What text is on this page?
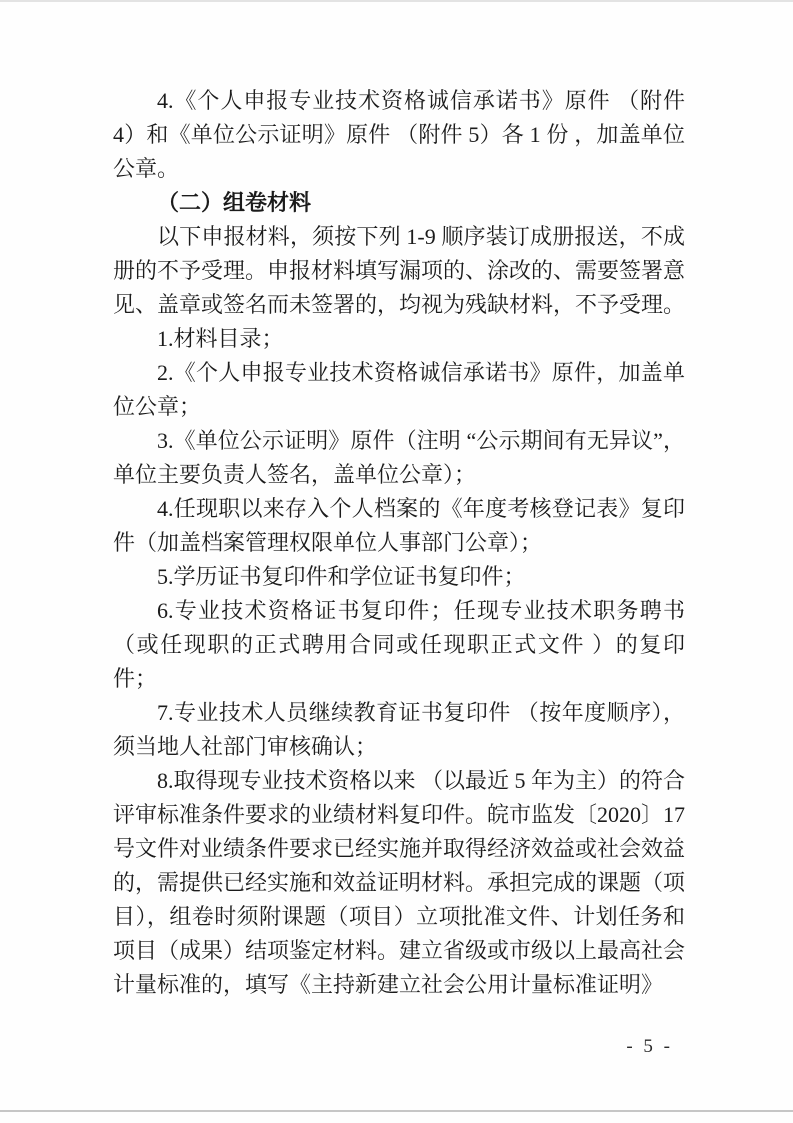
4.《个人申报专业技术资格诚信承诺书》原件 （附件 4）和《单位公示证明》原件 （附件 5）各 1 份 ，加盖单位公章。

（二）组卷材料

以下申报材料，须按下列 1-9 顺序装订成册报送，不成册的不予受理。申报材料填写漏项的、涂改的、需要签署意见、盖章或签名而未签署的，均视为残缺材料，不予受理。

1.材料目录；

2.《个人申报专业技术资格诚信承诺书》原件，加盖单位公章；

3.《单位公示证明》原件（注明 “公示期间有无异议”，单位主要负责人签名，盖单位公章）；

4.任现职以来存入个人档案的《年度考核登记表》复印件（加盖档案管理权限单位人事部门公章）；

5.学历证书复印件和学位证书复印件；

6.专业技术资格证书复印件；任现专业技术职务聘书（或任现职的正式聘用合同或任现职正式文件 ）的复印件；

7.专业技术人员继续教育证书复印件 （按年度顺序），须当地人社部门审核确认；

8.取得现专业技术资格以来 （以最近 5 年为主）的符合评审标准条件要求的业绩材料复印件。皖市监发〔2020〕17 号文件对业绩条件要求已经实施并取得经济效益或社会效益的，需提供已经实施和效益证明材料。承担完成的课题（项目），组卷时须附课题（项目）立项批准文件、计划任务和项目（成果）结项鉴定材料。建立省级或市级以上最高社会计量标准的，填写《主持新建立社会公用计量标准证明》

- 5 -
